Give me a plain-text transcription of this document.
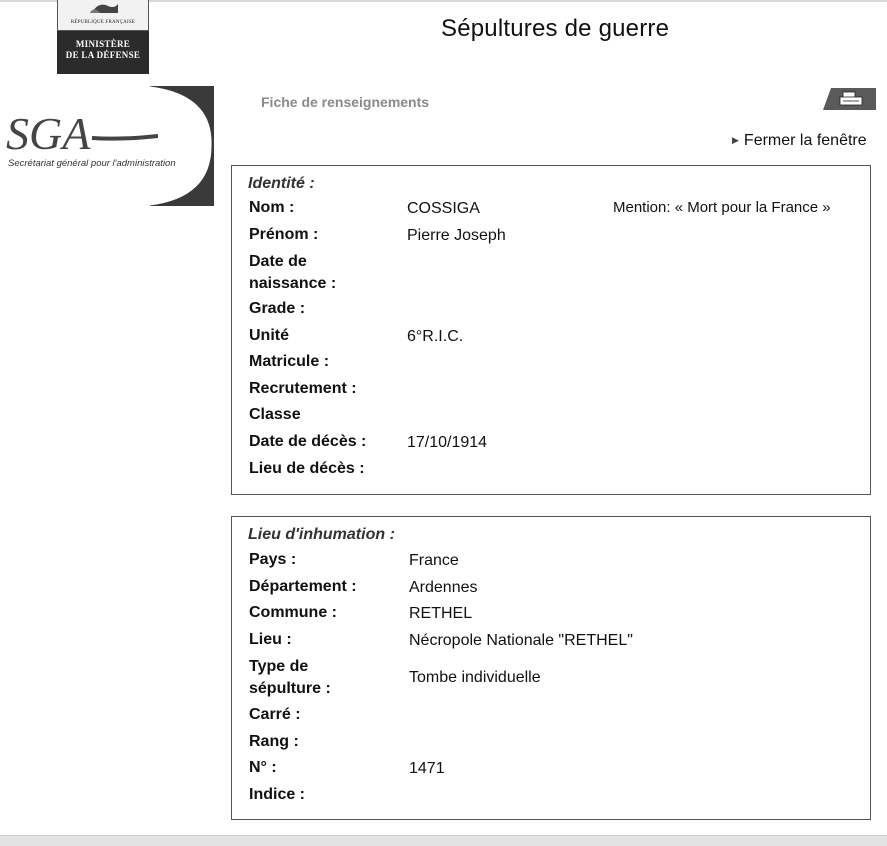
RÉPUBLIQUE FRANÇAISE
MINISTÈRE
DE LA DÉFENSE
SGA
Secrétariat général pour l'administration
Sépultures de guerre
Fiche de renseignements
▶ Fermer la fenêtre
Identité :
Mention: « Mort pour la France »
Nom :	COSSIGA
Prénom :	Pierre Joseph
Date de naissance :
Grade :
Unité	6°R.I.C.
Matricule :
Recrutement :
Classe
Date de décès :	17/10/1914
Lieu de décès :
Lieu d'inhumation :
Pays :	France
Département :	Ardennes
Commune :	RETHEL
Lieu :	Nécropole Nationale "RETHEL"
Type de sépulture :
Tombe individuelle
Carré :
Rang :
N° :	1471
Indice :
